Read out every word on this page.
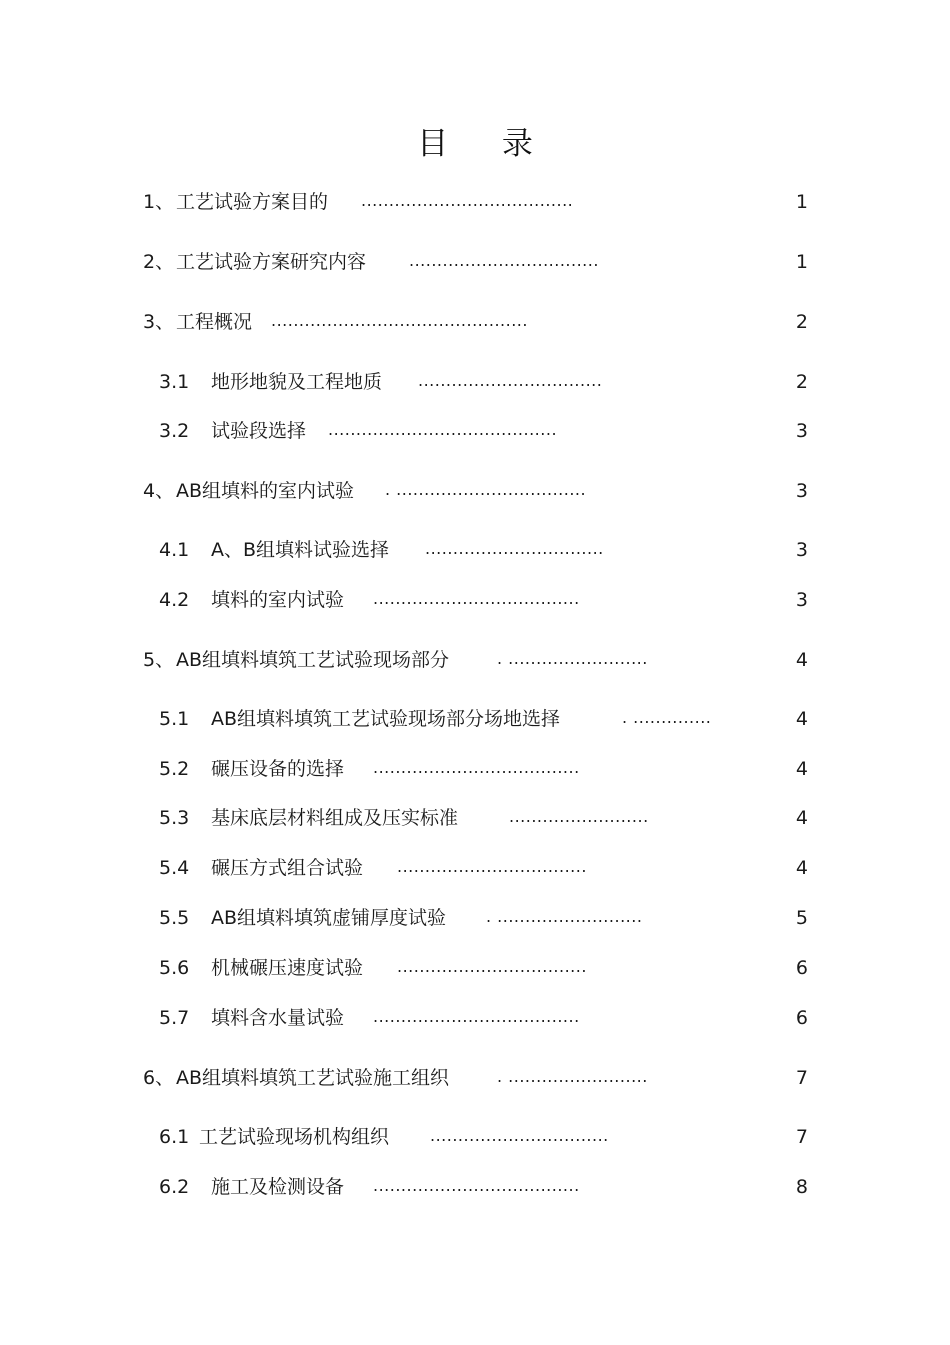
目 录
1、 工艺试验方案目的 ......................................	1
2、 工艺试验方案研究内容	..................................	1
3、 工程概况 ..............................................	2
3.1 地形地貌及工程地质 .................................	2
3.2 试验段选择 .........................................	3
4、 AB组填料的室内试验 . ..................................	3
4.1 A、B组填料试验选择 ................................	3
4.2 填料的室内试验 .....................................	3
5、 AB组填料填筑工艺试验现场部分	. .........................	4
5.1 AB组填料填筑工艺试验现场部分场地选择	. ..............	4
5.2 碾压设备的选择 .....................................	4
5.3 基床底层材料组成及压实标准	.........................	4
5.4 碾压方式组合试验 ..................................	4
5.5 AB组填料填筑虚铺厚度试验 . ..........................	5
5.6 机械碾压速度试验 ..................................	6
5.7 填料含水量试验 .....................................	6
6、 AB组填料填筑工艺试验施工组织	. .........................	7
6.1 工艺试验现场机构组织	................................	7
6.2 施工及检测设备 .....................................	8
